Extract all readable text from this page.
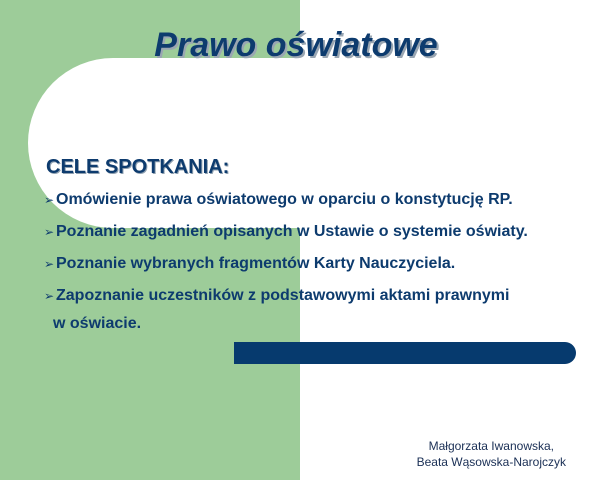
Prawo oświatowe
CELE SPOTKANIA:
➢ Omówienie prawa oświatowego w oparciu o konstytucję RP.
➢ Poznanie zagadnień opisanych w Ustawie o systemie oświaty.
➢ Poznanie wybranych fragmentów Karty Nauczyciela.
➢ Zapoznanie uczestników z podstawowymi aktami prawnymi
w oświacie.
Małgorzata Iwanowska,
Beata Wąsowska-Narojczyk
